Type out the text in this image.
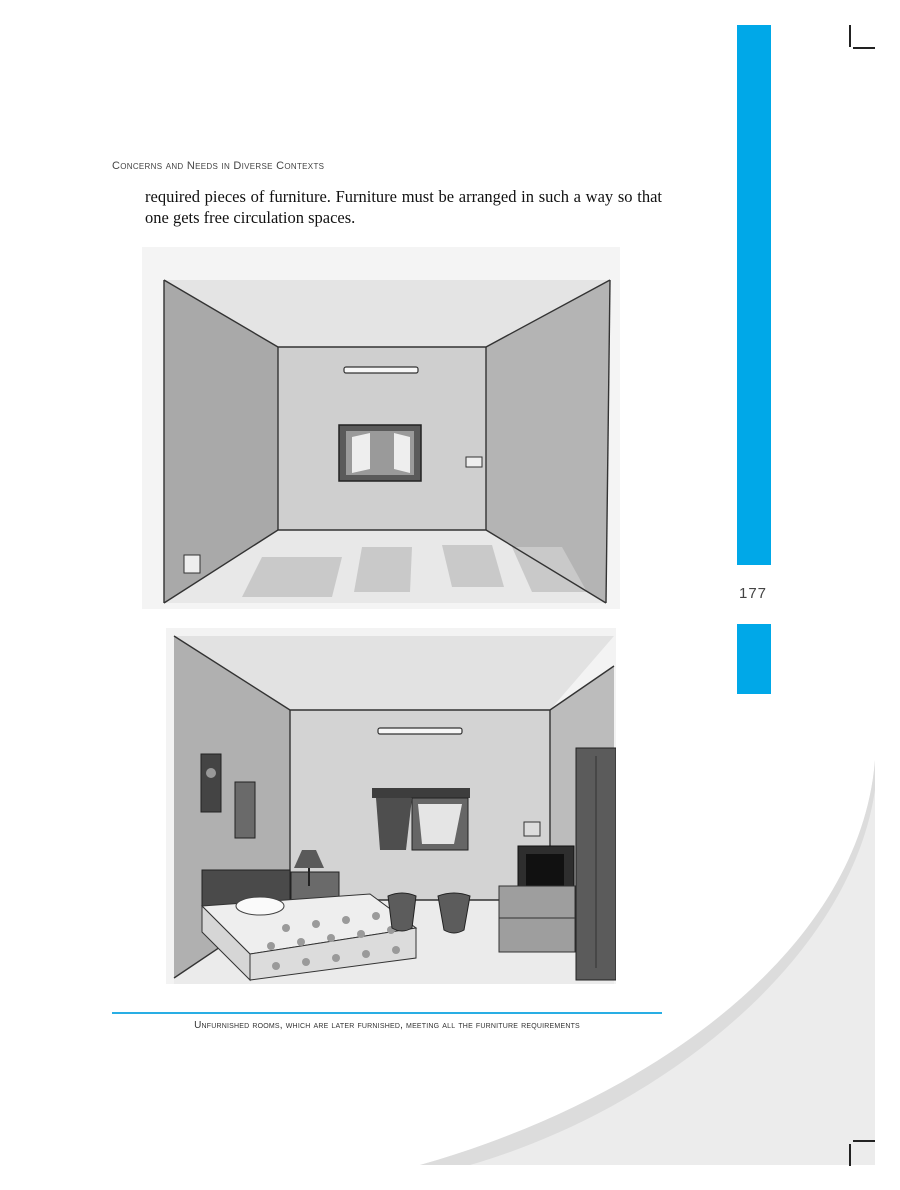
177
Concerns and Needs in Diverse Contexts
required pieces of furniture. Furniture must be arranged in such a way so that one gets free circulation spaces.
Unfurnished rooms, which are later furnished, meeting all the furniture requirements
